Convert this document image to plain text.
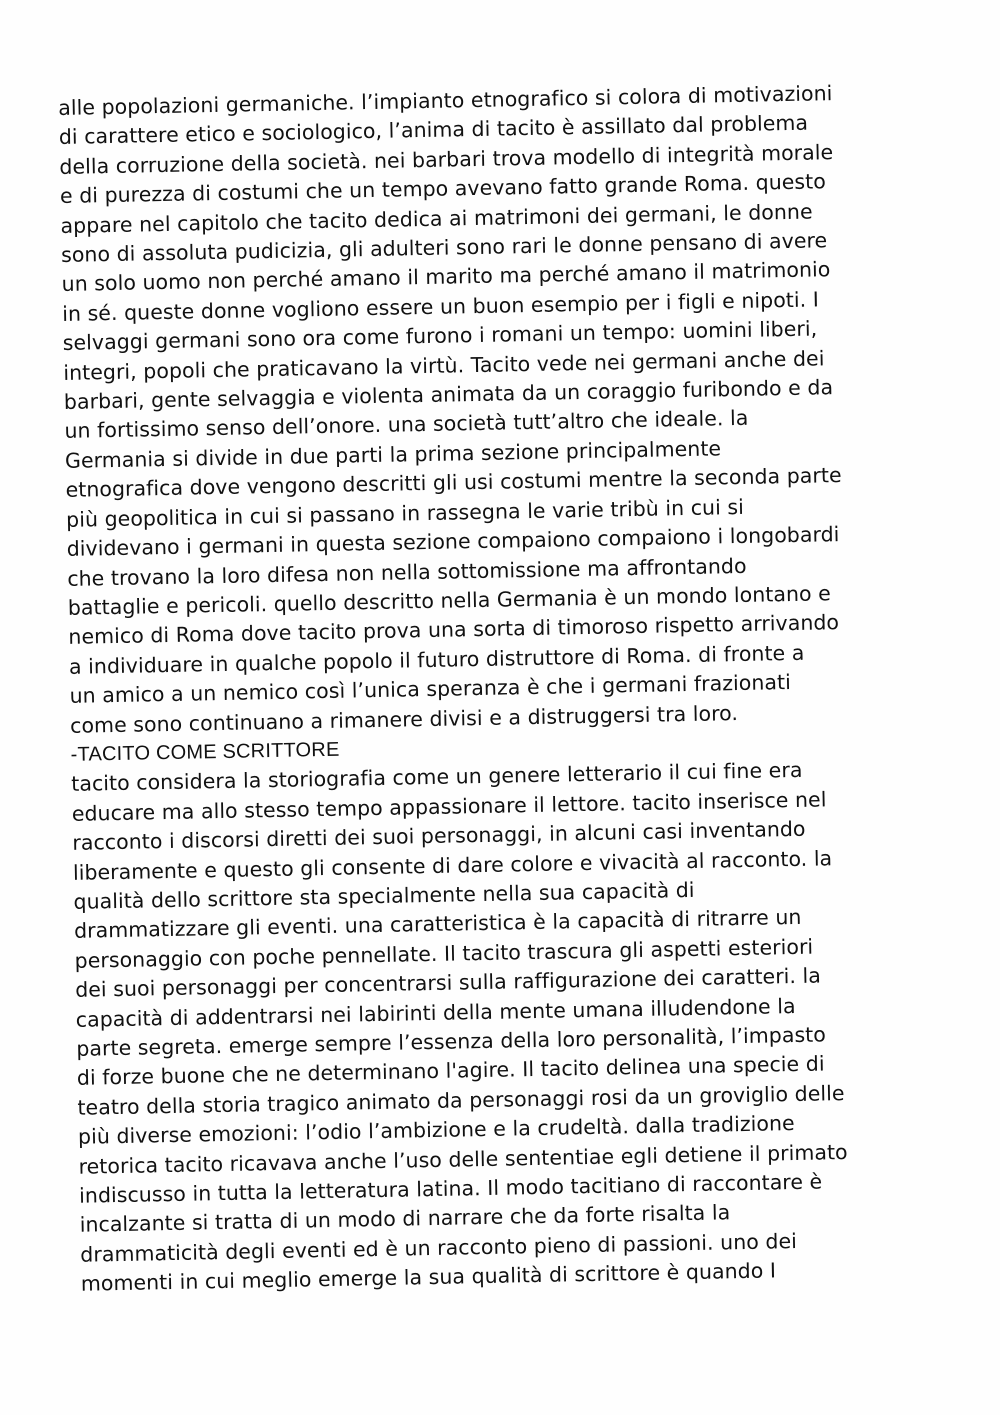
alle popolazioni germaniche. l’impianto etnografico si colora di motivazioni
di carattere etico e sociologico, l’anima di tacito è assillato dal problema
della corruzione della società. nei barbari trova modello di integrità morale
e di purezza di costumi che un tempo avevano fatto grande Roma. questo
appare nel capitolo che tacito dedica ai matrimoni dei germani, le donne
sono di assoluta pudicizia, gli adulteri sono rari le donne pensano di avere
un solo uomo non perché amano il marito ma perché amano il matrimonio
in sé. queste donne vogliono essere un buon esempio per i figli e nipoti. I
selvaggi germani sono ora come furono i romani un tempo: uomini liberi,
integri, popoli che praticavano la virtù. Tacito vede nei germani anche dei
barbari, gente selvaggia e violenta animata da un coraggio furibondo e da
un fortissimo senso dell’onore. una società tutt’altro che ideale. la
Germania si divide in due parti la prima sezione principalmente
etnografica dove vengono descritti gli usi costumi mentre la seconda parte
più geopolitica in cui si passano in rassegna le varie tribù in cui si
dividevano i germani in questa sezione compaiono compaiono i longobardi
che trovano la loro difesa non nella sottomissione ma affrontando
battaglie e pericoli. quello descritto nella Germania è un mondo lontano e
nemico di Roma dove tacito prova una sorta di timoroso rispetto arrivando
a individuare in qualche popolo il futuro distruttore di Roma. di fronte a
un amico a un nemico così l’unica speranza è che i germani frazionati
come sono continuano a rimanere divisi e a distruggersi tra loro.
-TACITO COME SCRITTORE
tacito considera la storiografia come un genere letterario il cui fine era
educare ma allo stesso tempo appassionare il lettore. tacito inserisce nel
racconto i discorsi diretti dei suoi personaggi, in alcuni casi inventando
liberamente e questo gli consente di dare colore e vivacità al racconto. la
qualità dello scrittore sta specialmente nella sua capacità di
drammatizzare gli eventi. una caratteristica è la capacità di ritrarre un
personaggio con poche pennellate. Il tacito trascura gli aspetti esteriori
dei suoi personaggi per concentrarsi sulla raffigurazione dei caratteri. la
capacità di addentrarsi nei labirinti della mente umana illudendone la
parte segreta. emerge sempre l’essenza della loro personalità, l’impasto
di forze buone che ne determinano l'agire. Il tacito delinea una specie di
teatro della storia tragico animato da personaggi rosi da un groviglio delle
più diverse emozioni: l’odio l’ambizione e la crudeltà. dalla tradizione
retorica tacito ricavava anche l’uso delle sententiae egli detiene il primato
indiscusso in tutta la letteratura latina. Il modo tacitiano di raccontare è
incalzante si tratta di un modo di narrare che da forte risalta la
drammaticità degli eventi ed è un racconto pieno di passioni. uno dei
momenti in cui meglio emerge la sua qualità di scrittore è quando I
